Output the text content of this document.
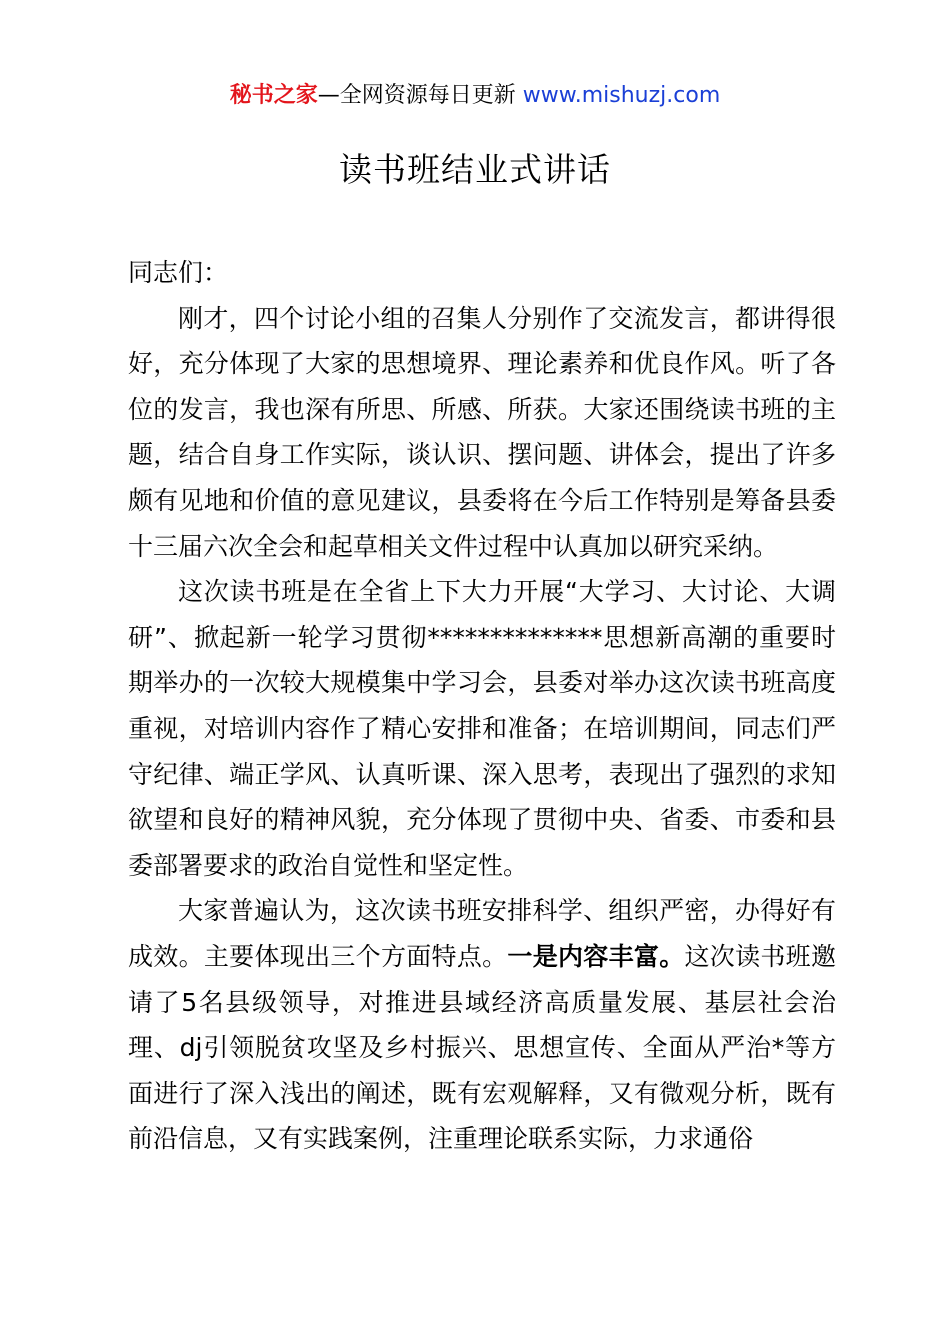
秘书之家—全网资源每日更新 www.mishuzj.com
读书班结业式讲话

同志们：

刚才，四个讨论小组的召集人分别作了交流发言，都讲得很好，充分体现了大家的思想境界、理论素养和优良作风。听了各位的发言，我也深有所思、所感、所获。大家还围绕读书班的主题，结合自身工作实际，谈认识、摆问题、讲体会，提出了许多颇有见地和价值的意见建议，县委将在今后工作特别是筹备县委十三届六次全会和起草相关文件过程中认真加以研究采纳。

这次读书班是在全省上下大力开展“大学习、大讨论、大调研”、掀起新一轮学习贯彻**************思想新高潮的重要时期举办的一次较大规模集中学习会，县委对举办这次读书班高度重视，对培训内容作了精心安排和准备；在培训期间，同志们严守纪律、端正学风、认真听课、深入思考，表现出了强烈的求知欲望和良好的精神风貌，充分体现了贯彻中央、省委、市委和县委部署要求的政治自觉性和坚定性。

大家普遍认为，这次读书班安排科学、组织严密，办得好有成效。主要体现出三个方面特点。一是内容丰富。这次读书班邀请了5名县级领导，对推进县域经济高质量发展、基层社会治理、dj引领脱贫攻坚及乡村振兴、思想宣传、全面从严治*等方面进行了深入浅出的阐述，既有宏观解释，又有微观分析，既有前沿信息，又有实践案例，注重理论联系实际，力求通俗
